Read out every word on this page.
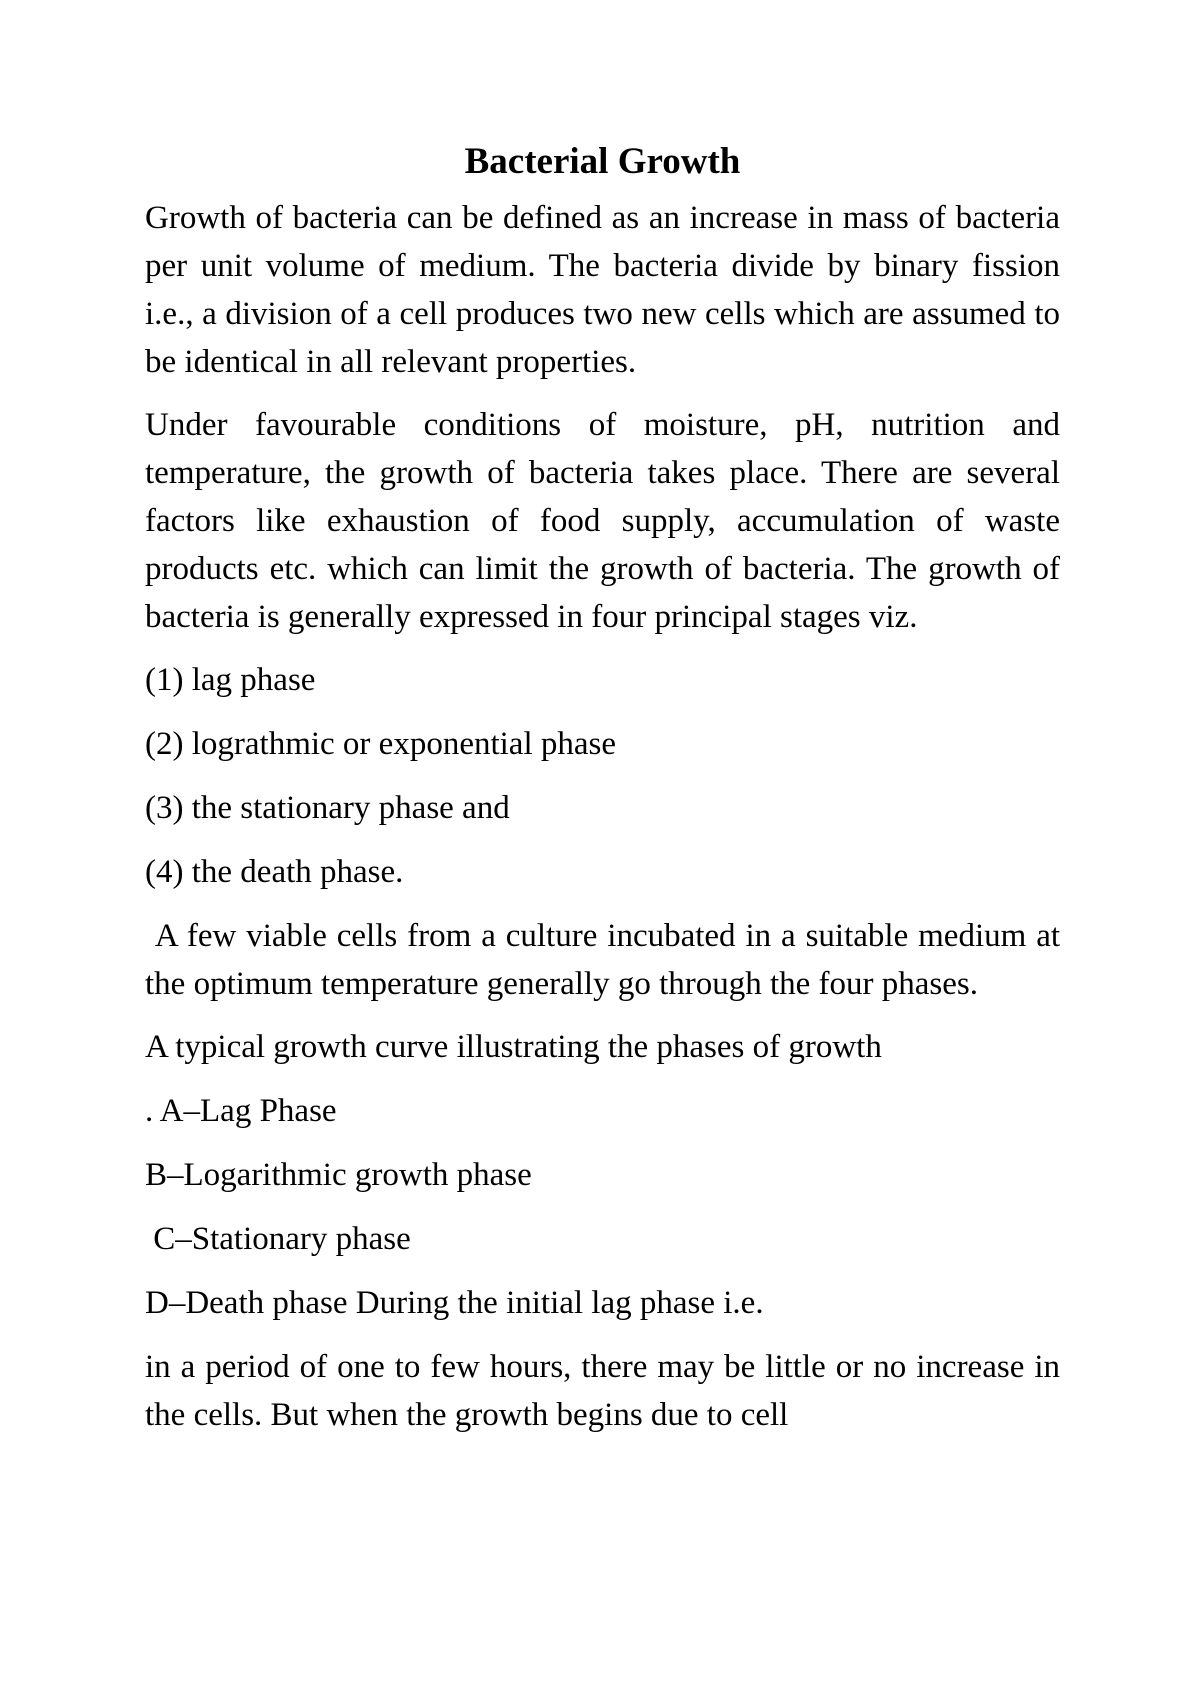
Bacterial Growth

Growth of bacteria can be defined as an increase in mass of bacteria per unit volume of medium. The bacteria divide by binary fission i.e., a division of a cell produces two new cells which are assumed to be identical in all relevant properties.

Under favourable conditions of moisture, pH, nutrition and temperature, the growth of bacteria takes place. There are several factors like exhaustion of food supply, accumulation of waste products etc. which can limit the growth of bacteria. The growth of bacteria is generally expressed in four principal stages viz.

(1) lag phase
(2) lograthmic or exponential phase
(3) the stationary phase and
(4) the death phase.

A few viable cells from a culture incubated in a suitable medium at the optimum temperature generally go through the four phases.

A typical growth curve illustrating the phases of growth
. A–Lag Phase
B–Logarithmic growth phase
C–Stationary phase
D–Death phase During the initial lag phase i.e.

in a period of one to few hours, there may be little or no increase in the cells. But when the growth begins due to cell
